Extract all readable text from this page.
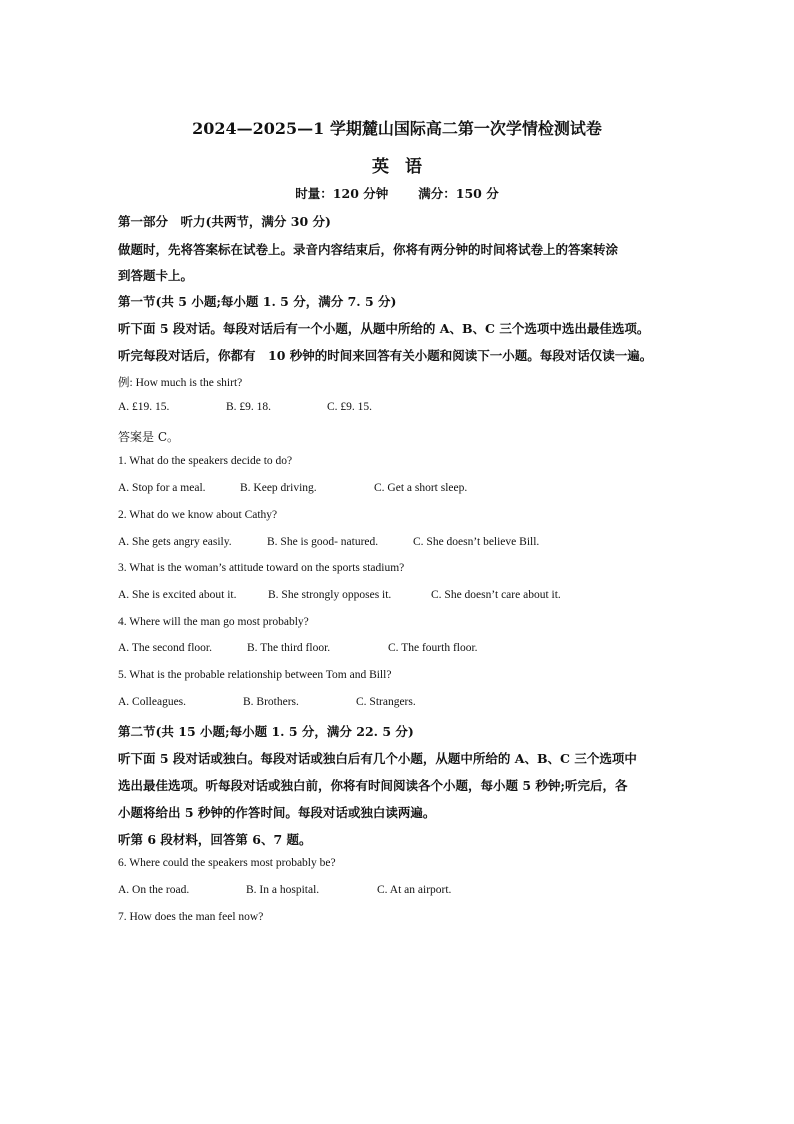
2024—2025—1 学期麓山国际高二第一次学情检测试卷
英语
时量：120 分钟 满分：150 分
第一部分　听力(共两节，满分 30 分)
做题时，先将答案标在试卷上。录音内容结束后，你将有两分钟的时间将试卷上的答案转涂
到答题卡上。
第一节(共 5 小题;每小题 1. 5 分，满分 7. 5 分)
听下面 5 段对话。每段对话后有一个小题，从题中所给的 A、B、C 三个选项中选出最佳选项。
听完每段对话后，你都有　10 秒钟的时间来回答有关小题和阅读下一小题。每段对话仅读一遍。
例: How much is the shirt?
A. £19. 15.	B. £9. 18.	C. £9. 15.
答案是 C。
1. What do the speakers decide to do?
A. Stop for a meal.	B. Keep driving.	C. Get a short sleep.
2. What do we know about Cathy?
A. She gets angry easily.	B. She is good- natured.	C. She doesn’t believe Bill.
3. What is the woman’s attitude toward on the sports stadium?
A. She is excited about it.	B. She strongly opposes it.	C. She doesn’t care about it.
4. Where will the man go most probably?
A. The second floor.	B. The third floor.	C. The fourth floor.
5. What is the probable relationship between Tom and Bill?
A. Colleagues.	B. Brothers.	C. Strangers.
第二节(共 15 小题;每小题 1. 5 分，满分 22. 5 分)
听下面 5 段对话或独白。每段对话或独白后有几个小题，从题中所给的 A、B、C 三个选项中
选出最佳选项。听每段对话或独白前，你将有时间阅读各个小题，每小题 5 秒钟;听完后，各
小题将给出 5 秒钟的作答时间。每段对话或独白读两遍。
听第 6 段材料，回答第 6、7 题。
6. Where could the speakers most probably be?
A. On the road.	B. In a hospital.	C. At an airport.
7. How does the man feel now?
